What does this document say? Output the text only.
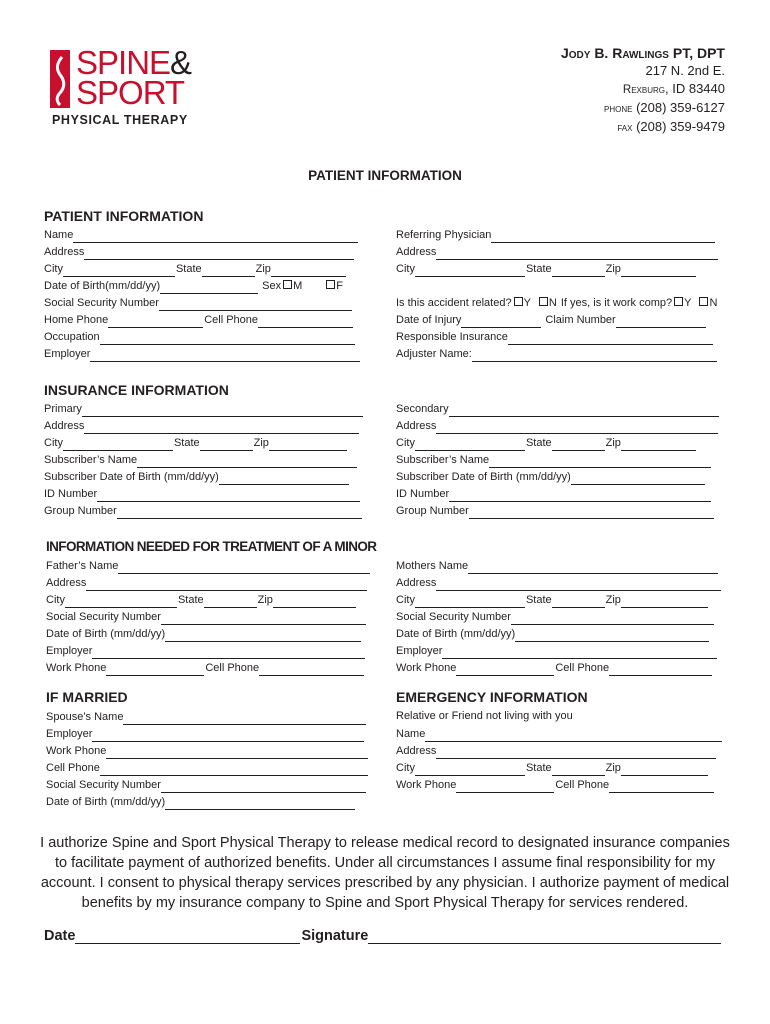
SPINE&
SPORT
PHYSICAL THERAPY
Jody B. Rawlings PT, DPT
217 N. 2nd E.
Rexburg, ID 83440
phone (208) 359-6127
fax (208) 359-9479
PATIENT INFORMATION
PATIENT INFORMATION
Name
Address
City	State	Zip
Date of Birth(mm/dd/yy)	Sex M	F
Social Security Number
Home Phone	Cell Phone
Occupation
Employer
Referring Physician
Address
City	State	Zip
Is this accident related? Y N If yes, is it work comp? Y N
Date of Injury	Claim Number
Responsible Insurance
Adjuster Name:
INSURANCE INFORMATION
Primary
Address
City	State	Zip
Subscriber’s Name
Subscriber Date of Birth (mm/dd/yy)
ID Number
Group Number
Secondary
Address
City	State	Zip
Subscriber’s Name
Subscriber Date of Birth (mm/dd/yy)
ID Number
Group Number
INFORMATION NEEDED FOR TREATMENT OF A MINOR
Father’s Name
Address
City	State	Zip
Social Security Number
Date of Birth (mm/dd/yy)
Employer
Work Phone	Cell Phone
Mothers Name
Address
City	State	Zip
Social Security Number
Date of Birth (mm/dd/yy)
Employer
Work Phone	Cell Phone
IF MARRIED
Spouse’s Name
Employer
Work Phone
Cell Phone
Social Security Number
Date of Birth (mm/dd/yy)
EMERGENCY INFORMATION
Relative or Friend not living with you
Name
Address
City	State	Zip
Work Phone	Cell Phone
I authorize Spine and Sport Physical Therapy to release medical record to designated insurance companies to facilitate payment of authorized benefits. Under all circumstances I assume final responsibility for my account. I consent to physical therapy services prescribed by any physician. I authorize payment of medical benefits by my insurance company to Spine and Sport Physical Therapy for services rendered.
Date	Signature
